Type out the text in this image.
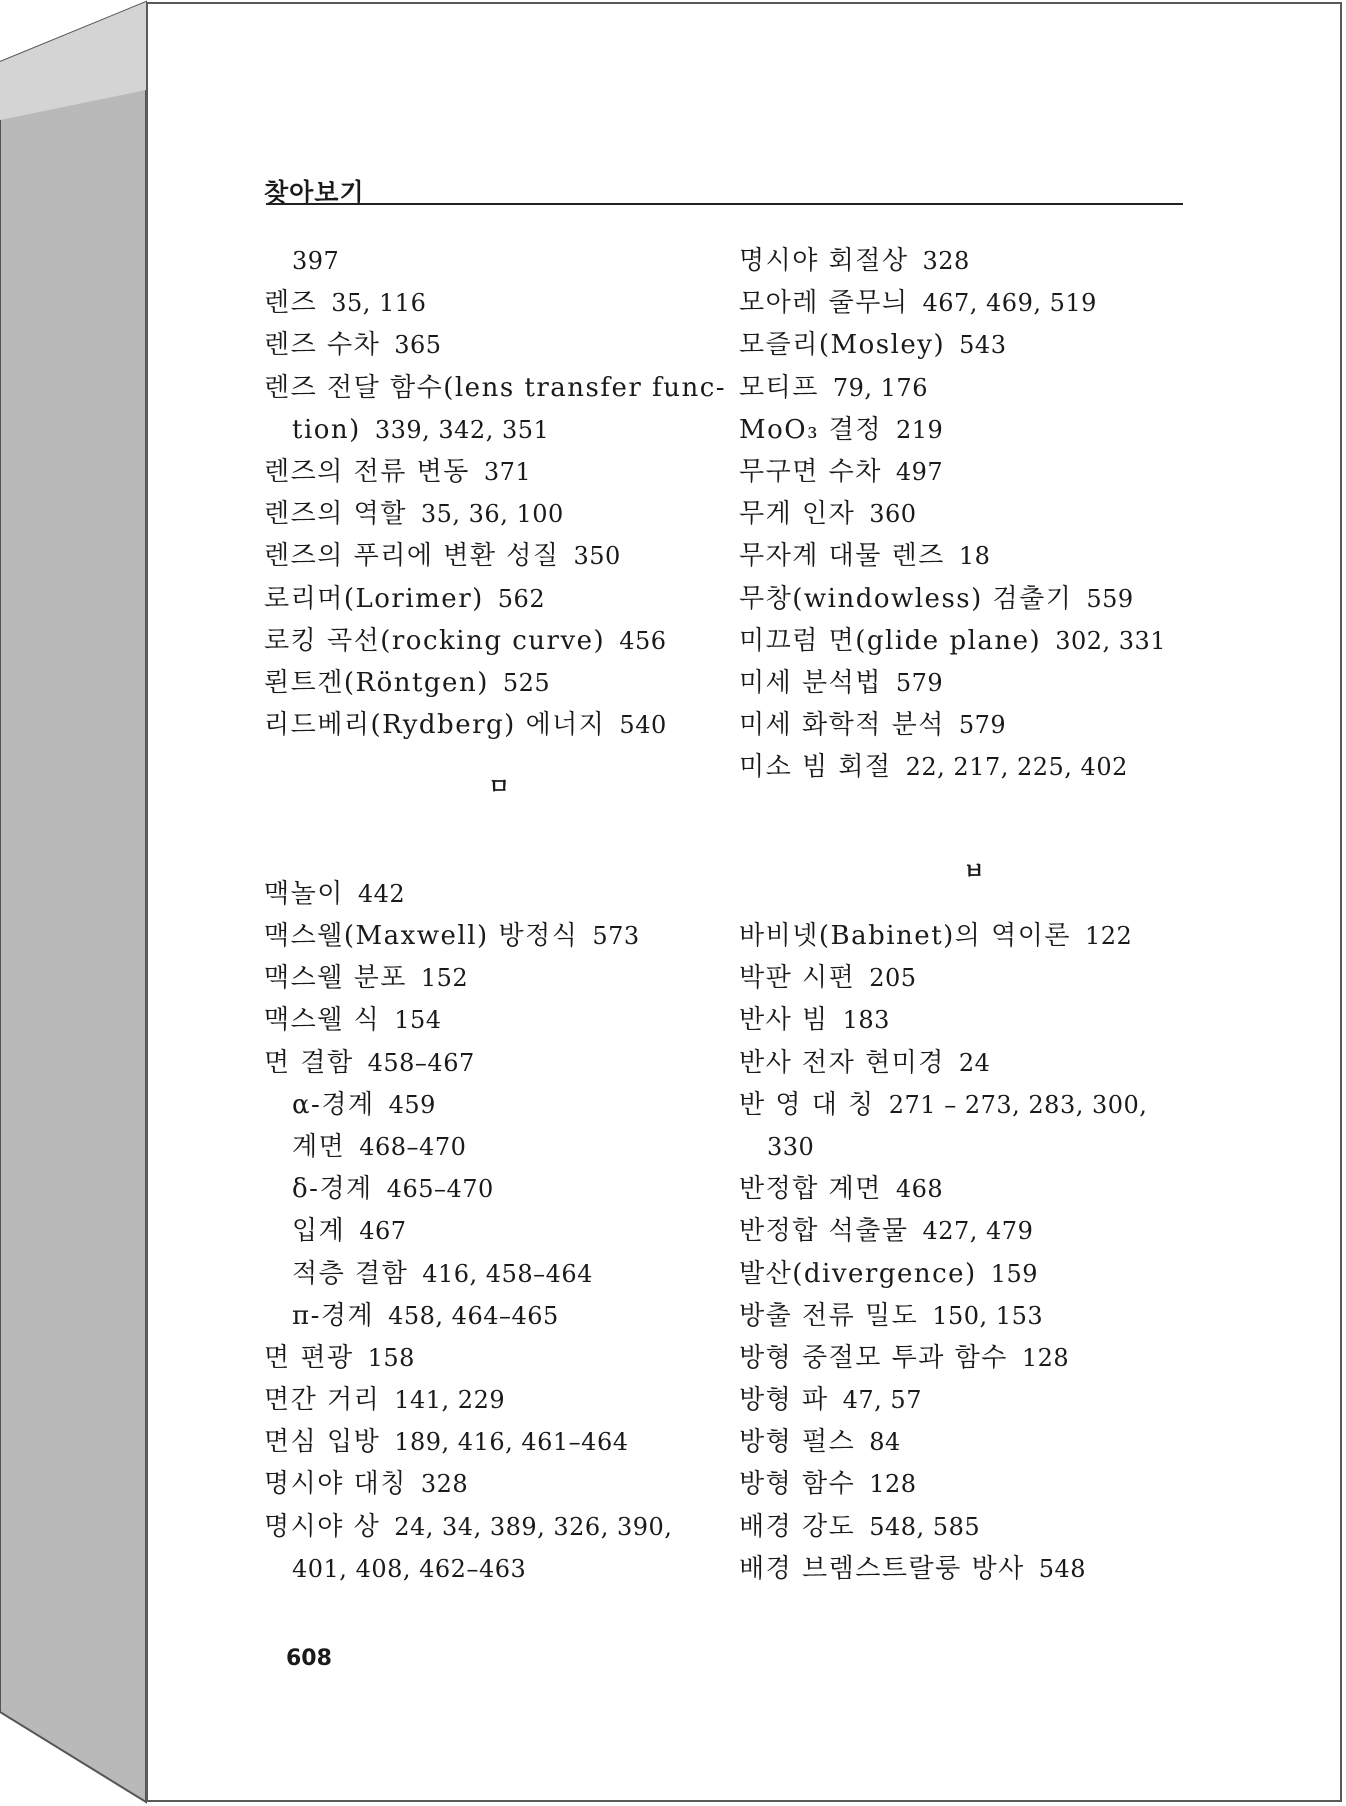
찾아보기
397
렌즈 35, 116
렌즈 수차 365
렌즈 전달 함수(lens transfer func-
tion) 339, 342, 351
렌즈의 전류 변동 371
렌즈의 역할 35, 36, 100
렌즈의 푸리에 변환 성질 350
로리머(Lorimer) 562
로킹 곡선(rocking curve) 456
뢴트겐(Röntgen) 525
리드베리(Rydberg) 에너지 540
ㅁ
맥놀이 442
맥스웰(Maxwell) 방정식 573
맥스웰 분포 152
맥스웰 식 154
면 결함 458–467
α-경계 459
계면 468–470
δ-경계 465–470
입계 467
적층 결함 416, 458–464
π-경계 458, 464–465
면 편광 158
면간 거리 141, 229
면심 입방 189, 416, 461–464
명시야 대칭 328
명시야 상 24, 34, 389, 326, 390,
401, 408, 462–463
명시야 회절상 328
모아레 줄무늬 467, 469, 519
모즐리(Mosley) 543
모티프 79, 176
MoO₃ 결정 219
무구면 수차 497
무게 인자 360
무자계 대물 렌즈 18
무창(windowless) 검출기 559
미끄럼 면(glide plane) 302, 331
미세 분석법 579
미세 화학적 분석 579
미소 빔 회절 22, 217, 225, 402
ㅂ
바비넷(Babinet)의 역이론 122
박판 시편 205
반사 빔 183
반사 전자 현미경 24
반 영 대 칭 271 – 273, 283, 300,
330
반정합 계면 468
반정합 석출물 427, 479
발산(divergence) 159
방출 전류 밀도 150, 153
방형 중절모 투과 함수 128
방형 파 47, 57
방형 펄스 84
방형 함수 128
배경 강도 548, 585
배경 브렘스트랄룽 방사 548
608
